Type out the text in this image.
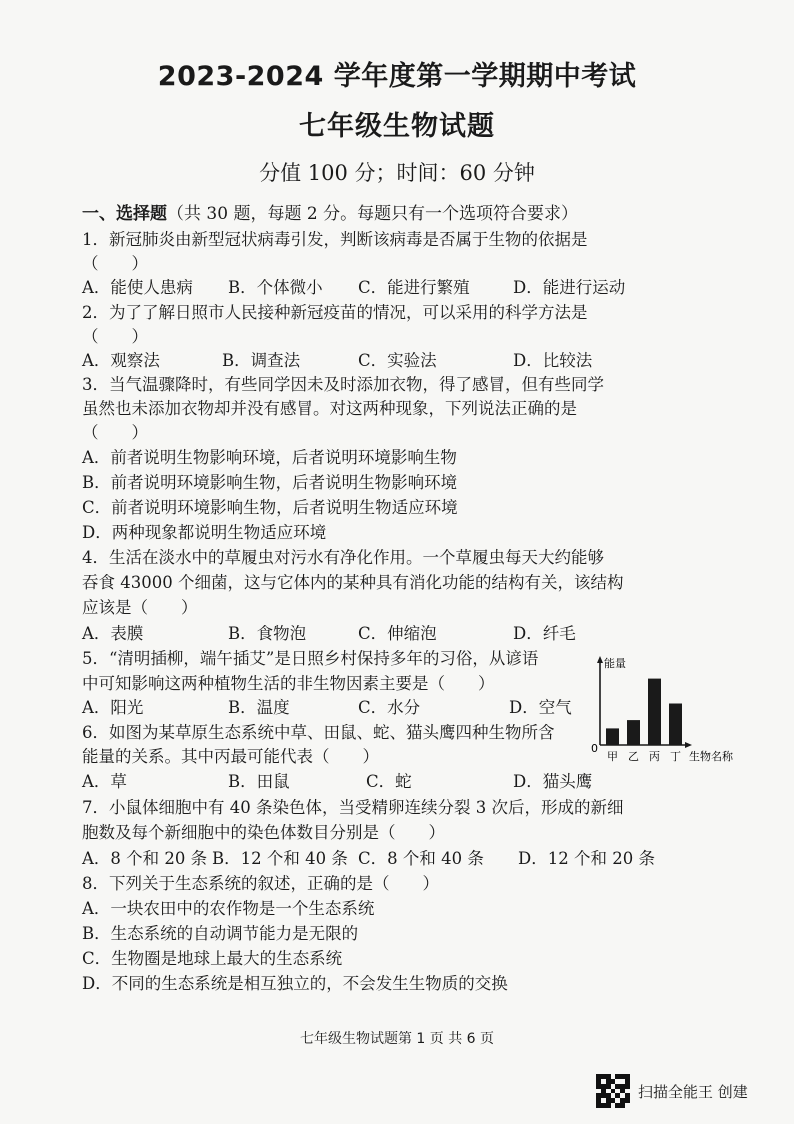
2023-2024 学年度第一学期期中考试
七年级生物试题
分值 100 分；时间：60 分钟
一、选择题（共 30 题，每题 2 分。每题只有一个选项符合要求）
1．新冠肺炎由新型冠状病毒引发，判断该病毒是否属于生物的依据是
（　　）
A．能使人患病 B．个体微小 C．能进行繁殖	D．能进行运动
2．为了了解日照市人民接种新冠疫苗的情况，可以采用的科学方法是
（　　）
A．观察法	B．调查法	C．实验法	D．比较法
3．当气温骤降时，有些同学因未及时添加衣物，得了感冒，但有些同学
虽然也未添加衣物却并没有感冒。对这两种现象，下列说法正确的是
（　　）
A．前者说明生物影响环境，后者说明环境影响生物
B．前者说明环境影响生物，后者说明生物影响环境
C．前者说明环境影响生物，后者说明生物适应环境
D．两种现象都说明生物适应环境
4．生活在淡水中的草履虫对污水有净化作用。一个草履虫每天大约能够
吞食 43000 个细菌，这与它体内的某种具有消化功能的结构有关，该结构
应该是（　　）
A．表膜	B．食物泡	C．伸缩泡	D．纤毛
5．“清明插柳，端午插艾”是日照乡村保持多年的习俗，从谚语
中可知影响这两种植物生活的非生物因素主要是（　　）
A．阳光	B．温度	C．水分	D．空气
6．如图为某草原生态系统中草、田鼠、蛇、猫头鹰四种生物所含
能量的关系。其中丙最可能代表（　　）
A．草	B．田鼠	C．蛇	D．猫头鹰
7．小鼠体细胞中有 40 条染色体，当受精卵连续分裂 3 次后，形成的新细
胞数及每个新细胞中的染色体数目分别是（　　）
A．8 个和 20 条 B．12 个和 40 条 C．8 个和 40 条 D．12 个和 20 条
8．下列关于生态系统的叙述，正确的是（　　）
A．一块农田中的农作物是一个生态系统
B．生态系统的自动调节能力是无限的
C．生物圈是地球上最大的生态系统
D．不同的生态系统是相互独立的，不会发生生物质的交换
能量
0
生物名称
甲 乙 丙 丁
七年级生物试题第 1 页 共 6 页
扫描全能王 创建
